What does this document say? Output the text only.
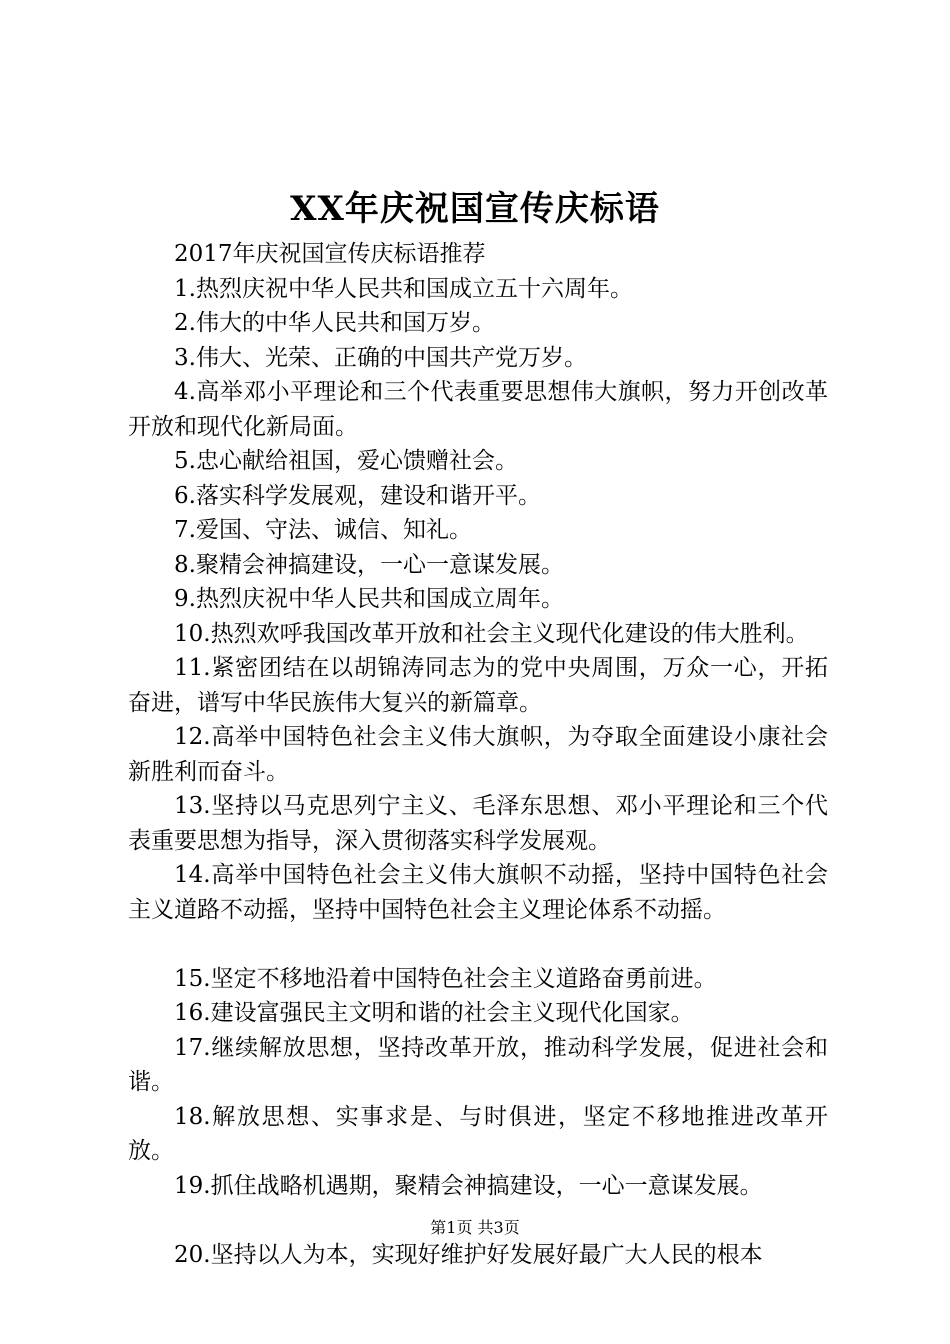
XX年庆祝国宣传庆标语

2017年庆祝国宣传庆标语推荐

1.热烈庆祝中华人民共和国成立五十六周年。

2.伟大的中华人民共和国万岁。

3.伟大、光荣、正确的中国共产党万岁。

4.高举邓小平理论和三个代表重要思想伟大旗帜，努力开创改革开放和现代化新局面。

5.忠心献给祖国，爱心馈赠社会。

6.落实科学发展观，建设和谐开平。

7.爱国、守法、诚信、知礼。

8.聚精会神搞建设，一心一意谋发展。

9.热烈庆祝中华人民共和国成立周年。

10.热烈欢呼我国改革开放和社会主义现代化建设的伟大胜利。

11.紧密团结在以胡锦涛同志为的党中央周围，万众一心，开拓奋进，谱写中华民族伟大复兴的新篇章。

12.高举中国特色社会主义伟大旗帜，为夺取全面建设小康社会新胜利而奋斗。

13.坚持以马克思列宁主义、毛泽东思想、邓小平理论和三个代表重要思想为指导，深入贯彻落实科学发展观。

14.高举中国特色社会主义伟大旗帜不动摇，坚持中国特色社会主义道路不动摇，坚持中国特色社会主义理论体系不动摇。

15.坚定不移地沿着中国特色社会主义道路奋勇前进。

16.建设富强民主文明和谐的社会主义现代化国家。

17.继续解放思想，坚持改革开放，推动科学发展，促进社会和谐。

18.解放思想、实事求是、与时俱进，坚定不移地推进改革开放。

19.抓住战略机遇期，聚精会神搞建设，一心一意谋发展。

20.坚持以人为本，实现好维护好发展好最广大人民的根本

第1页 共3页
